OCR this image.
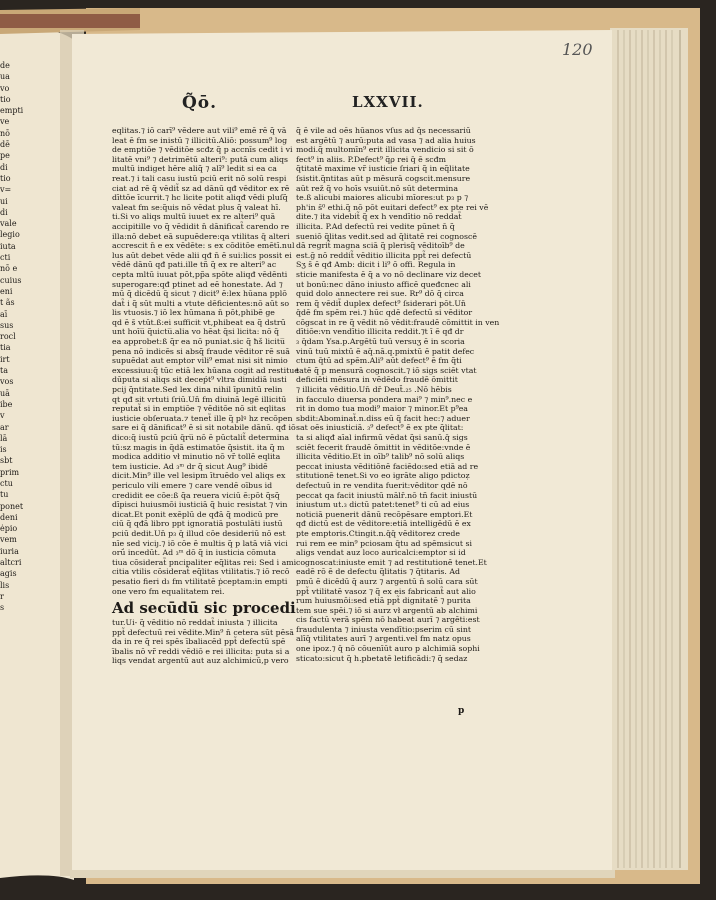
de
ua
vo
tio
empti
ve
nō
dē
pe
di
tio
v=
ui
di
vale
legio
iuta
cti
nō e
cuius
eni
t ãs
aī
sus
rocl
tia
irt
ta
vos
uā
ibe
v
ar
lā
is
sbt
prim
ctu
tu
ponet
deni
ėpio
vem
iuria
altcri
agis
lis
r
s
120
Q̃ō.	LXXVII.

eqlitas.⁊ iō carī⁹ vēdere aut vili⁹ emē rē q̃ vā

leat ē fm se inistū ⁊ illicitū.Aliō: possum⁹ log

de emptiōe ⁊ vēditōe scđz q̃ p accnīs cedit i vi

litatē vni⁹ ⁊ detrimētū alteri⁹: putā cum aliqs

multū indiget hēre aliq̃ ⁊ alī⁹ ledit si ea ca

reat.⁊ i tali casu iustū pciū erit nō solū respi

ciat ad rē q̃ vēdit̃ sz ad dānū qđ vēditor ex rē

dīttōe īcurrit.⁊ hc licite potit aliqđ vēdi pluſq̃

valeat fm se:q̃uis nō vēdat plus q̃ valeat hī.

ti.Si vo aliqs multū iuuet ex re alteri⁹ quā

accipitille vo q̃ vēdidit n̄ dānificat̃ carendo re

illa:nō debet eā supuēdere:qa vtilitas q̄ alteri

accrescit n̄ e ex vēdēte: s ex cōditōe emētī.nul

lus aūt debet vēde alii qđ n̄ ē sui:lics possit ei

vēdē dānū qđ pati.ille tñ q̃ ex re alteri⁹ ac

cepta mltū iuuat pōt,pp̃a spōte aliqđ vēdēnti

superogare:qđ ptinet ad eē honestate. Ad ⁊

mū q̃ dicēdū q̃ sicut ⁊ dicit⁹ ē:lex hūana pplō

dat̃ i q̃ sūt multi a vtute dēficientes:nō aūt so

lis vtuosis.⁊ iō lex hūmana n̄ pōt,phibē ge

qd ē s̄ vtūt.ß:ei sufficit vt,phibeat ea q̃ dstrū

unt hoīu̅ q̃uictu̅.alia vo hēat q̃si licita: nō q̃

ea approbet:ß q̃r ea nō puniat.sic q̃ ħš licitu̅

pena nō indicēs si absq̃ fraude vēditor rē suā

supuēdat aut emptor vili⁹ emat nisi sit nimio

excessiuu:q̃ tūc etiā lex hūana cogit ad restitue

dūputa si aliqs sit deceṕt⁹ vltra dimidiā iusti

pcij q̃ntitate.Sed lex dina nihil īpunitū relin

qt qđ sit vrtuti ſriū.Un̄ fm diuinā legē illicitū

reputat̃ si in emptiōe ⁊ vēditōe nō sit eqlitas

iusticie obſeruata.⁊ tenet̃ ille q̃ plꝰ hz recōpen

sare ei q̃ dānificat⁹ ē si sit notabile dānū. qđ iō

dico:q̃ iustū pciū q̄ru̅ nō ē pūctalit̃ determina

tū:sz magis in q̃dā estimatōe q̃sistit. ita q̃ m

modica additio vł minutio nō vr̃ tollē eqlita

tem iusticie. Ad ₃ᵐ dr q̃ sicut Aug⁹ ibidē

dicit.Min⁹ ille vel lesipm ītruēdo vel aliqs ex

periculo vili emere ⁊ care vendē oībus id

credidit ee cōe:ß q̃a reuera viciū ē:pōt q̃sq̃

dīpisci huiusmōi iusticiā q̃ huic resistat ⁊ vin

dicat.Et ponit exēplū de qđā q̃ modicū pre

ciū q̃ qđā libro ppt ignoratiā postulāti iustū

pciū dedit.Un̄ p₃ q̄ illud cōe desideriū nō est

nīe sed viciȷ.⁊ iō cōe ē multis q̃ p latā viā vici

orṹ incedūt. Ad ₃ᵐ dō q̃ in iusticia cōmuta

tiua cōsiderat̃ pncipaliter eq̃litas rei: Sed i ami

citia vtilis cōsiderat̃ eq̃litas vtilitatis.⁊ iō recō

pesatio fieri d₃ fm vtilitatē ṗceptam:in empti

one vero fm equalitatem rei.

Ad secūdū sic procedi

tur.Ui- q̃ vēditio nō reddat̃ iniusta ⁊ illicita

ppt̃ defectuū rei vēdite.Min⁹ n̄ cetera sūt pēsā

da in re q̃ rei spēs ībaliacēd ppt̃ defectū spē

ībalis nō vr̃ reddi vēdiō e rei illicita: puta si a

liqs vendat argentū aut auz alchimicū,p vero

q̃ ē vile ad oēs hūanos vſus ad q̄s necessariū

est argētū ⁊ aurū:puta ad vasa ⁊ ad alia huius

modi.q̃ multomīn⁹ erit illicita vendicio si sit ō

fect⁹ in aliis. P.Defect⁹ q̃ρ rei q̄ ē scđm

q̃titatē maxime vr̃ iusticie ſriari q̃ in eq̃litate

ſsistit.q̃ntitas aūt p mēsurā cogscit.mensure

aūt rež q̃ vo hoīs vsuiūt.nō sūt determina

te.ß alicubi maiores alicubi mīores:ut p₃ p ⁊

ph'in s̄⁰ ethi.q̃ nō pōt euitari defect⁹ ex pte rei vē

dite.⁊ ita videbit̃ q̃ ex h vendītio nō reddat̃

illicita. P.Ad defectū rei vedite pūnet n̄ q̃

sueniō q̃litas vedit.sed ad q̃litatē rei cognoscē

dā regrit̃ magna sciā q̃ plerisq̃ vēditoīb⁹ de

est.ḡ nō reddit̃ vēditio illicita ppt̃ rei defectū

Sʒ s̄ ē qđ Amb: dicit i li⁹ ō offi. Regula in

sticie manifesta ē q̃ a vo nō declinare viz decet

ut bonū:nec dāno iniusto afficē queđcnec ali

quid dolo annectere rei sue. Rr⁹ dō q̃ circa

rem q̃ vēdit̃ duplex defect⁹ ſsiderari pōt.Un̄

q̄dē fm spēm rei.⁊ hūc qdē defectū si vēditor

cōgscat in re q̃ vēdit nō vēdit:fraudē cōmittit in ven

dītiōe:vn vendītio illicita reddit.⁊t ī ē qđ dr

₃ q̄dam Ysa.p.Argētū tuū versuʒ ē in scoria

vinū tuū mixtū ē aq̄.nā.q.pmixtū ē patit defec

ctum q̄tū ad spēm.Ali⁹ aūt defect⁹ ē fm q̃ti

tatē q̃ p mensurā cognoscit.⁊ iō sigs sciēt vtat

deficiēti mēsura in vēdēdo fraudē ōmittit

⁊ illicita vēditio.Un̄ dr̄ Deut̄.₂₅ .Nō hēbis

in facculo diuersa pondera mai⁹ ⁊ min⁹.nec e

rit in domo tua modi⁹ maior ⁊ minor.Et p⁹ea

sbdit:Abominat̃.n.diss eū q̃ facit hec:⁊ aduer

sat oēs iniusticiā. ₃⁹ defect⁹ ē ex pte q̃litat:

ta si aliqđ aīal infirmū vēdat q̃si sanū.q̄ sigs

sciēt fecerit fraudē ōmittit in vēditōe:vnde ē

illicita vēditio.Et in oīb⁹ talib⁹ nō solū aliqs

peccat iniusta vēditiōnē faciēdo:sed etiā ad re

stitutionē tenet.Si vo eo igrāte aligo pdictoẓ

defectuū in re vendita fuerit:vēditor qdē nō

peccat qa facit iniustū mālr̄.nō tñ facit iniustū

iniustum ut.₃ dictū patet:tenet⁹ ti cū ad eius

noticiā puenerit dānū recōpēsare emptori.Et

qđ dictū est de vēditore:etiā intelligēdū ē ex

pte emptoris.Ctingit.n.q̄q̄ vēditorez crede

rui rem ee min⁹ pciosam q̄tu ad spēmsicut si

aligs vendat auz loco auricalci:emptor si id

cognoscat:iniuste emit ⁊ ad restitutionē tenet.Et

eadē rō ē de defectu q̃litatis ⁊ q̃titaris. Ad

pmū ē dicēdū q̃ aurz ⁊ argentū n̄ solū cara sūt

ppt̃ vtilitatē vasoz ⁊ q̃ ex eis fabricant̃ aut alio

rum huiusmōi:sed etiā ppt̃ dignitatē ⁊ purita

tem sue spēi.⁊ iō si aurz vł argentū ab alchimi

cis factū verā spēm nō habeat aurī ⁊ argēti:est

fraudulenta ⁊ iniusta vendītio:pserim cū sint

alīq̄ vtilitates aurī ⁊ argenti.vel fm natz opus

one ipoz.⁊ q̄ nō cōuenīūt auro p alchimiā sophi

sticato:sicut q̃ h.pbetatē letificādi:⁊ q̃ sedaz

p
